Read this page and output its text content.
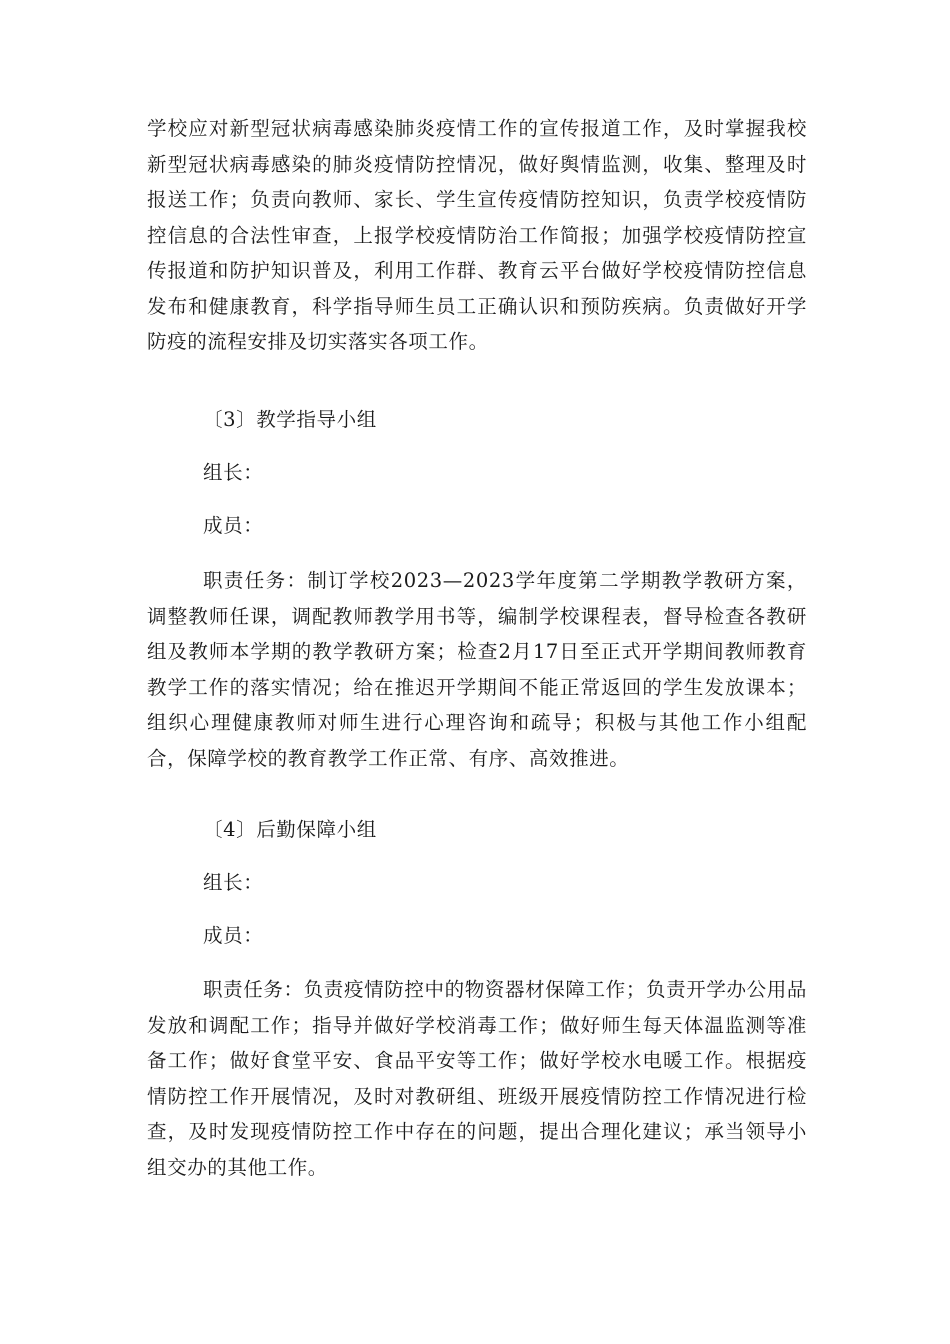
学校应对新型冠状病毒感染肺炎疫情工作的宣传报道工作，及时掌握我校新型冠状病毒感染的肺炎疫情防控情况，做好舆情监测，收集、整理及时报送工作；负责向教师、家长、学生宣传疫情防控知识，负责学校疫情防控信息的合法性审查，上报学校疫情防治工作简报；加强学校疫情防控宣传报道和防护知识普及，利用工作群、教育云平台做好学校疫情防控信息发布和健康教育，科学指导师生员工正确认识和预防疾病。负责做好开学防疫的流程安排及切实落实各项工作。

〔3〕教学指导小组

组长：

成员：

职责任务：制订学校2023—2023学年度第二学期教学教研方案，调整教师任课，调配教师教学用书等，编制学校课程表，督导检查各教研组及教师本学期的教学教研方案；检查2月17日至正式开学期间教师教育教学工作的落实情况；给在推迟开学期间不能正常返回的学生发放课本；组织心理健康教师对师生进行心理咨询和疏导；积极与其他工作小组配合，保障学校的教育教学工作正常、有序、高效推进。

〔4〕后勤保障小组

组长：

成员：

职责任务：负责疫情防控中的物资器材保障工作；负责开学办公用品发放和调配工作；指导并做好学校消毒工作；做好师生每天体温监测等准备工作；做好食堂平安、食品平安等工作；做好学校水电暖工作。根据疫情防控工作开展情况，及时对教研组、班级开展疫情防控工作情况进行检查，及时发现疫情防控工作中存在的问题，提出合理化建议；承当领导小组交办的其他工作。
